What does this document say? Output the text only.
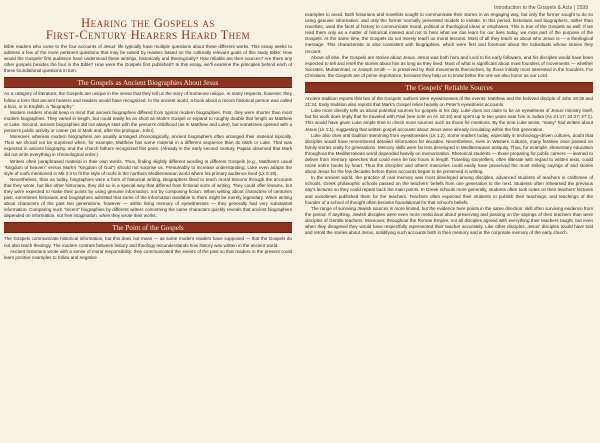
Introduction to the Gospels & Acts | 1599
Hearing the Gospels as
First-Century Hearers Heard Them

Bible readers who come to the four accounts of Jesus' life typically have multiple questions about these different works. This essay seeks to address a few of the more pertinent questions that may be raised by readers based on the culturally relevant goals of this study Bible: How would the Gospels' first audience have understood these writings, historically and theologically? How reliable are their sources? Are there any other gospels besides the four in the Bible? How were the Gospels first published? In this essay, we'll examine the principles behind each of these foundational questions in turn.

The Gospels as Ancient Biographies About Jesus

As a category of literature, the Gospels are unique in the sense that they tell us the story of Someone unique. In many respects, however, they follow a form that ancient hearers and readers would have recognized. In the ancient world, a book about a recent historical person was called a bios, or in English, a "biography."

Modern readers should keep in mind that ancient biographies differed from typical modern biographies. First, they were shorter than most modern biographies. They varied in length, but could easily be as short as Mark's Gospel or expand to roughly double that length as Matthew or Luke. Second, ancient biographies did not always start with the person's childhood (as in Matthew and Luke), but sometimes opened with a person's public activity or career (as in Mark and, after the prologue, John).

Moreover, whereas modern biographers are usually arranged chronologically, ancient biographers often arranged their material topically. Thus we should not be surprised when, for example, Matthew has some material in a different sequence than do Mark or Luke. That was expected in ancient biography, and the church fathers recognized this point. (Already in the early second century, Papias observed that Mark did not write everything in chronological order.)

Writers often paraphrased material in their own words. Thus, finding slightly different wording in different Gospels (e.g., Matthew's usual "kingdom of heaven" versus Mark's "kingdom of God") should not surprise us. Presumably to increase understanding, Luke even adapts the style of roofs mentioned in Mk 2:4 to fit the style of roofs in the northern Mediterranean world where his primary audience lived (Lk 5:19).

Nevertheless, than as today, biographies were a form of historical writing. Biographers liked to teach moral lessons through the accounts that they wrote, but like other historians, they did so in a special way that differed from fictional sorts of writing. They could offer lessons, but they were expected to make their points by using genuine information, not by composing fiction. When writing about characters of centuries past, sometimes historians and biographers admitted that some of the information available to them might be merely legendary. When writing about characters of the past two generations, however — within living memory of eyewitnesses — they generally had very substantial information. Comparing such "recent" biographies by different writers concerning the same characters quickly reveals that ancient biographers depended on information, not free imagination, when they wrote their works.

The Point of the Gospels

The Gospels communicate historical information, but this does not mean — as some modern readers have supposed — that the Gospels do not also teach theology. The modern contrast between history and theology misunderstands how history was written in the ancient world.

Ancient historians wrote with a sense of moral responsibility: they communicated the events of the past so that readers in the present could learn positive examples to follow and negative

examples to avoid. Both historians and novelists sought to communicate their stories in an engaging way, but only the former sought to do so using genuine information, and only the former normally presented models to imitate. In this period, historians and biographers, rather than novelists, used the facts of history to communicate moral, political or theological ideas or emphases. This is true of the Gospels as well. If we read them only as a matter of historical interest and not to hear what we can learn for our lives today, we miss part of the purpose of the Gospels. At the same time, the Gospels do not merely teach us moral lessons. Most of all they teach us about who Jesus is — a theological message. This characteristic is also consistent with biographies, which were first and foremost about the individuals whose stories they recount.

Above all else, the Gospels are stories about Jesus. Jesus was both hero and Lord to his early followers, and his disciples would have been expected to tell and retell the stories about him as long as they lived. Most of what is significant about most founders of movements — whether Socrates, Muhammad, or Joseph Smith — is preserved by their movements themselves, by those initially most interested in the founders. For Christians, the Gospels are of prime importance, because they help us to know better the one we also honor as our Lord.

The Gospels' Reliable Sources

Ancient tradition reports that two of the Gospels' authors were eyewitnesses of the events: Matthew and the beloved disciple of John 19:35 and 21:24. Early tradition also reports that Mark's Gospel relies heavily on Peter's eyewitness accounts.

Luke more directly tells us about potential sources for gospels in his day. Luke does not claim to be an eyewitness of Jesus' ministry itself, but his work does imply that he traveled with Paul (see note on Ac 16:10) and spent up to two years near him in Judea (Ac 21:17; 24:27; 27:1). This would have given Luke ample time to check more sources such as those he mentions. By the time Luke wrote, "many" had written about Jesus (Lk 1:1), suggesting that written gospel accounts about Jesus were already circulating within the first generation.

Luke also cites oral tradition stemming from eyewitnesses (Lk 1:2). Some readers today, especially in technology-driven cultures, doubt that disciples would have remembered detailed information for decades. Nevertheless, even in Western cultures, many families once passed on family stories orally for generations. Memory skills were far less developed in Mediterranean antiquity. Thus, for example, elementary education throughout the Mediterranean world depended heavily on memorization. Rhetorical students — those preparing for public careers — learned to deliver from memory speeches that could even be two hours in length. Traveling storytellers, often illiterate with regard to written texts, could recite entire books by heart. Thus the disciples' and others' memories could easily have preserved the most striking sayings of and stories about Jesus for the few decades before these accounts began to be preserved in writing.

In the ancient world, the practice of oral memory was most developed among disciples, advanced students of teachers in craftsmen of schools. Greek philosophic schools passed on the teachers' beliefs from one generation to the next. Students often rehearsed the previous day's lectures so they could repeat back the main points. In Greek schools more generally, students often took notes on their teachers' lectures and sometimes published them for the teachers. Teachers often expected their students to publish their teachings, and teachings of the founder of a school of thought often became foundational for that school's beliefs.

The range of surviving Jewish sources is more limited, but the evidence here points in the same direction: skill often surviving evidence from the period. If anything, Jewish disciples were even more meticulous about preserving and passing on the sayings of their teachers than were disciples of Gentile teachers. Moreover, throughout the Roman Empire, not all disciples agreed with everything their teachers taught, but even when they disagreed they would have respectfully represented their teacher accurately. Like other disciples, Jesus' disciples would have told and retold the stories about Jesus, solidifying such accounts both in their memory and in the corporate memory of the early church.
